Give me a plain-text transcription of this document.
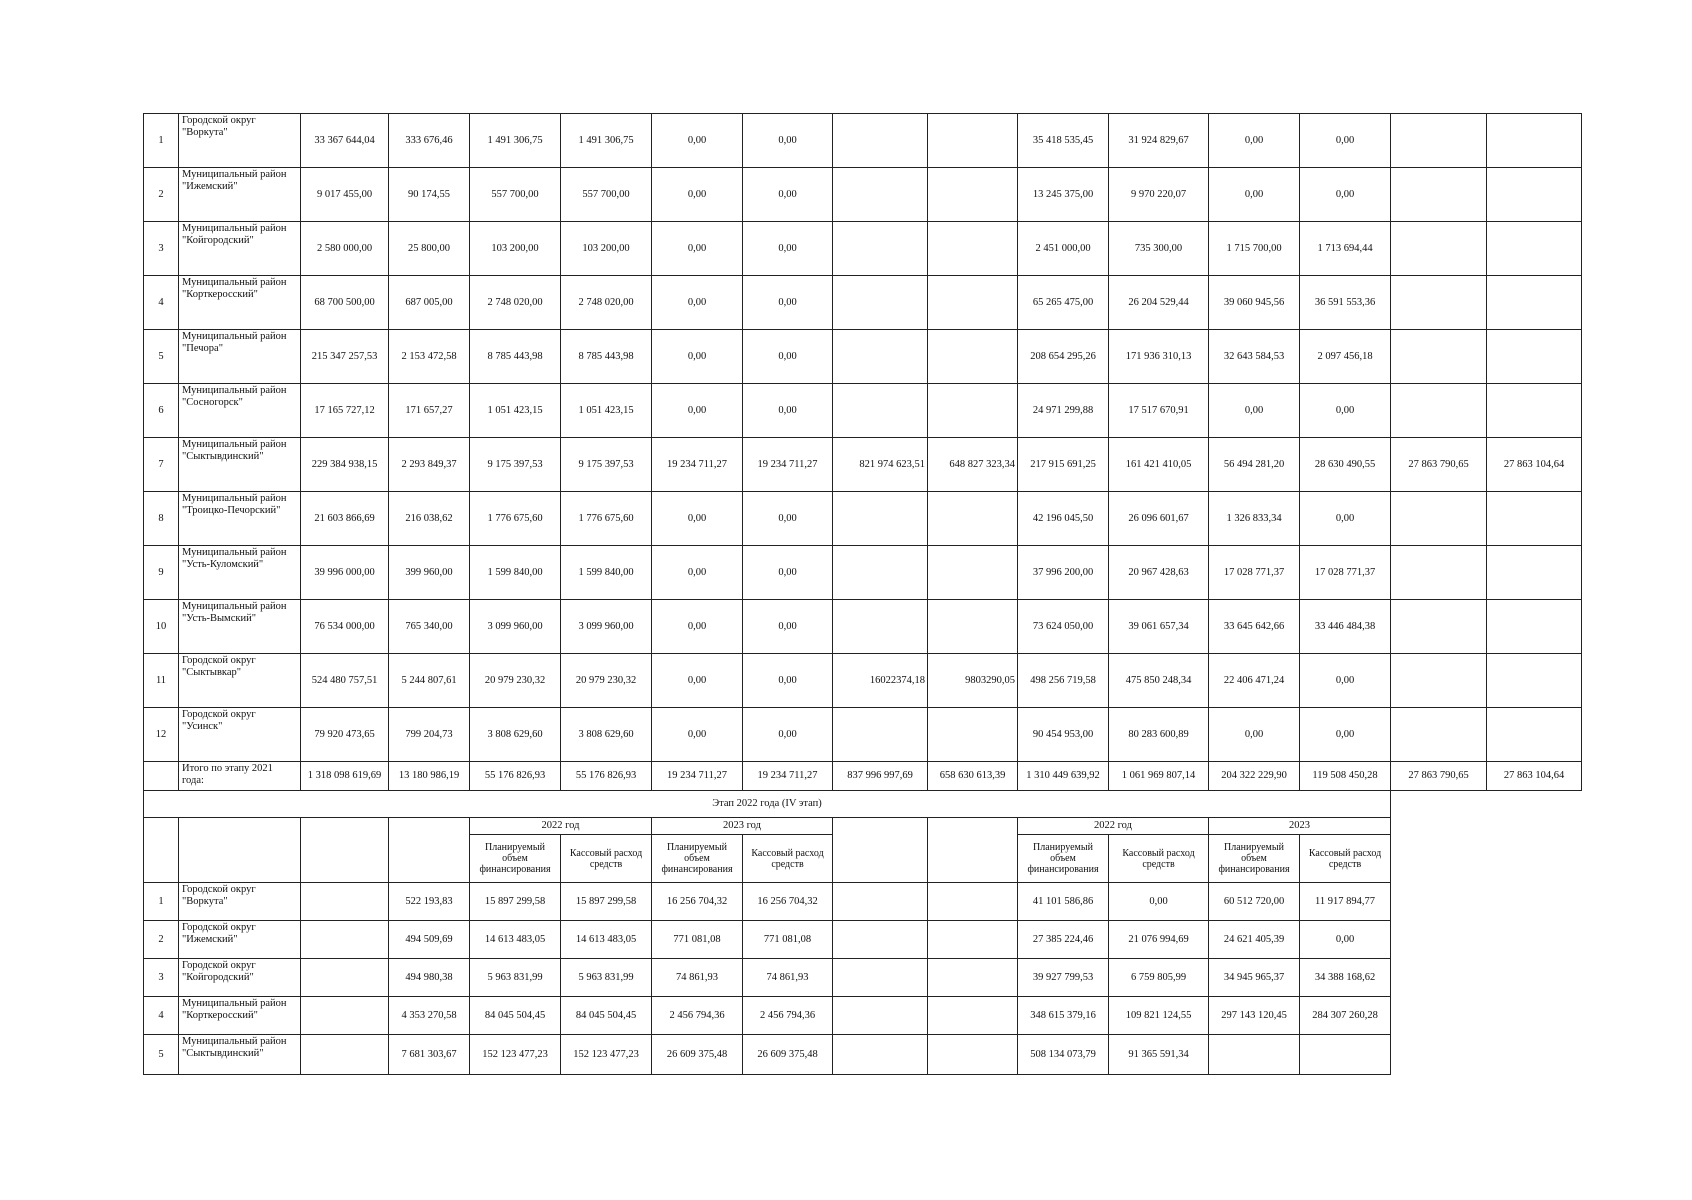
1	Городской округ "Воркута"	33 367 644,04	333 676,46	1 491 306,75	1 491 306,75	0,00	0,00			35 418 535,45	31 924 829,67	0,00	0,00		
2	Муниципальный район "Ижемский"	9 017 455,00	90 174,55	557 700,00	557 700,00	0,00	0,00			13 245 375,00	9 970 220,07	0,00	0,00		
3	Муниципальный район "Койгородский"	2 580 000,00	25 800,00	103 200,00	103 200,00	0,00	0,00			2 451 000,00	735 300,00	1 715 700,00	1 713 694,44		
4	Муниципальный район "Корткеросский"	68 700 500,00	687 005,00	2 748 020,00	2 748 020,00	0,00	0,00			65 265 475,00	26 204 529,44	39 060 945,56	36 591 553,36		
5	Муниципальный район "Печора"	215 347 257,53	2 153 472,58	8 785 443,98	8 785 443,98	0,00	0,00			208 654 295,26	171 936 310,13	32 643 584,53	2 097 456,18		
6	Муниципальный район "Сосногорск"	17 165 727,12	171 657,27	1 051 423,15	1 051 423,15	0,00	0,00			24 971 299,88	17 517 670,91	0,00	0,00		
7	Муниципальный район "Сыктывдинский"	229 384 938,15	2 293 849,37	9 175 397,53	9 175 397,53	19 234 711,27	19 234 711,27	821 974 623,51	648 827 323,34	217 915 691,25	161 421 410,05	56 494 281,20	28 630 490,55	27 863 790,65	27 863 104,64
8	Муниципальный район "Троицко-Печорский"	21 603 866,69	216 038,62	1 776 675,60	1 776 675,60	0,00	0,00			42 196 045,50	26 096 601,67	1 326 833,34	0,00		
9	Муниципальный район "Усть-Куломский"	39 996 000,00	399 960,00	1 599 840,00	1 599 840,00	0,00	0,00			37 996 200,00	20 967 428,63	17 028 771,37	17 028 771,37		
10	Муниципальный район "Усть-Вымский"	76 534 000,00	765 340,00	3 099 960,00	3 099 960,00	0,00	0,00			73 624 050,00	39 061 657,34	33 645 642,66	33 446 484,38		
11	Городской округ "Сыктывкар"	524 480 757,51	5 244 807,61	20 979 230,32	20 979 230,32	0,00	0,00	16022374,18	9803290,05	498 256 719,58	475 850 248,34	22 406 471,24	0,00		
12	Городской округ "Усинск"	79 920 473,65	799 204,73	3 808 629,60	3 808 629,60	0,00	0,00			90 454 953,00	80 283 600,89	0,00	0,00		
	Итого по этапу 2021 года:	1 318 098 619,69	13 180 986,19	55 176 826,93	55 176 826,93	19 234 711,27	19 234 711,27	837 996 997,69	658 630 613,39	1 310 449 639,92	1 061 969 807,14	204 322 229,90	119 508 450,28	27 863 790,65	27 863 104,64
Этап 2022 года (IV этап)															
				2022 год		2023 год				2022 год		2023			
				Планируемый объем финансирования	Кассовый расход средств	Планируемый объем финансирования	Кассовый расход средств			Планируемый объем финансирования	Кассовый расход средств	Планируемый объем финансирования	Кассовый расход средств		
1	Городской округ "Воркута"		522 193,83	15 897 299,58	15 897 299,58	16 256 704,32	16 256 704,32			41 101 586,86	0,00	60 512 720,00	11 917 894,77		
2	Городской округ "Ижемский"		494 509,69	14 613 483,05	14 613 483,05	771 081,08	771 081,08			27 385 224,46	21 076 994,69	24 621 405,39	0,00		
3	Городской округ "Койгородский"		494 980,38	5 963 831,99	5 963 831,99	74 861,93	74 861,93			39 927 799,53	6 759 805,99	34 945 965,37	34 388 168,62		
4	Муниципальный район "Корткеросский"		4 353 270,58	84 045 504,45	84 045 504,45	2 456 794,36	2 456 794,36			348 615 379,16	109 821 124,55	297 143 120,45	284 307 260,28		
5	Муниципальный район "Сыктывдинский"		7 681 303,67	152 123 477,23	152 123 477,23	26 609 375,48	26 609 375,48			508 134 073,79	91 365 591,34				
